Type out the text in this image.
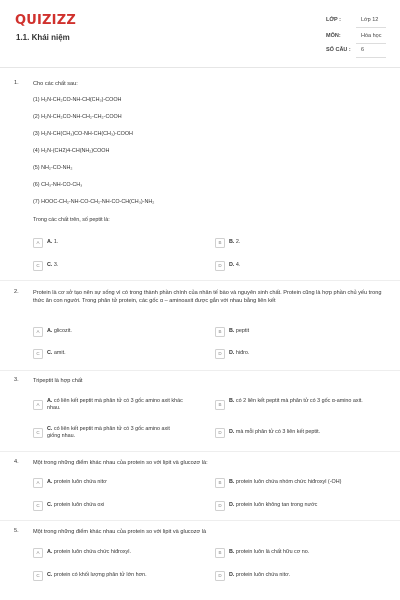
QUIZIZZ
1.1. Khái niệm
LỚP :	Lớp 12
MÔN:	Hóa học
SỐ CÂU : 6
1.	Cho các chất sau:
(1) H₂N-CH₂CO-NH-CH(CH₃)-COOH
(2) H₂N-CH₂CO-NH-CH₂-CH₂-COOH
(3) H₂N-CH(CH₃)CO-NH-CH(CH₃)-COOH
(4) H₂N-(CH2)4-CH(NH₂)COOH
(5) NH₂-CO-NH₂
(6) CH₃-NH-CO-CH₃
(7) HOOC-CH₂-NH-CO-CH₂-NH-CO-CH(CH₃)-NH₂
Trong các chất trên, số peptit là:
A	A. 1.	B	B. 2.
C	C. 3.	D	D. 4.
2.	Protein là cơ sở tạo nên sự sống vì có trong thành phần chính của nhân tế bào và nguyên sinh chất. Protein cũng là hợp phần chủ yếu trong thức ăn con người. Trong phân tử protein, các gốc α – aminoaxit được gắn với nhau bằng liên kết
A	A. glicozit.	B	B. peptit
C	C. amit.	D	D. hiđro.
3.	Tripeptit là hợp chất
A
A. có liên kết peptit mà phân tử có 3 gốc amino axit khác nhau.
B
B. có 2 liên kết peptit mà phân tử có 3 gốc α-amino axit.
C
C. có liên kết peptit mà phân tử có 3 gốc amino axit giống nhau.
D	D. mà mỗi phân tử có 3 liên kết peptit.
4.	Một trong những điểm khác nhau của protein so với lipit và glucozơ là:
A	A. protein luôn chứa nitơ	B	B. protein luôn chứa nhóm chức hiđroxyl (-OH)
C	C. protein luôn chứa oxi	D	D. protein luôn không tan trong nước
5.	Một trong những điểm khác nhau của protein so với lipit và glucozơ là
A	A. protein luôn chứa chức hiđroxyl.	B	B. protein luôn là chất hữu cơ no.
C	C. protein có khối lượng phân tử lớn hơn.	D	D. protein luôn chứa nitơ.
